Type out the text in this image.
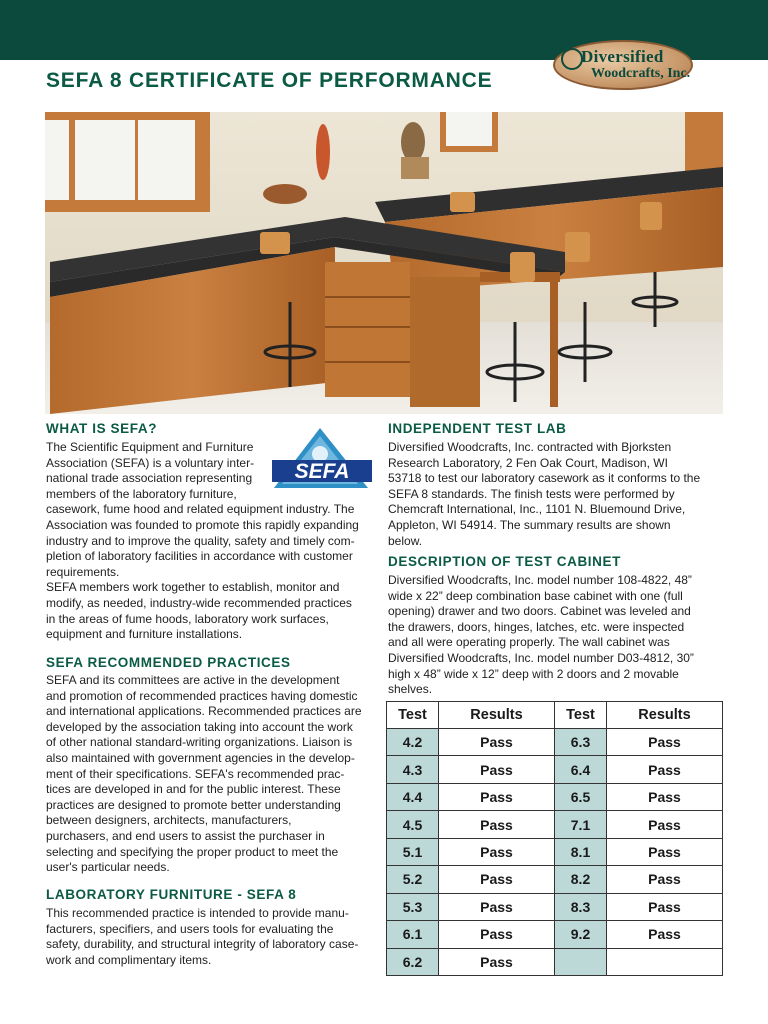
Diversified
Woodcrafts, Inc.
SEFA 8 CERTIFICATE OF PERFORMANCE
WHAT IS SEFA?
SEFA
The Scientific Equipment and Furniture
Association (SEFA) is a voluntary inter-
national trade association representing
members of the laboratory furniture,
casework, fume hood and related equipment industry. The
Association was founded to promote this rapidly expanding
industry and to improve the quality, safety and timely com-
pletion of laboratory facilities in accordance with customer
requirements.
SEFA members work together to establish, monitor and
modify, as needed, industry-wide recommended practices
in the areas of fume hoods, laboratory work surfaces,
equipment and furniture installations.
SEFA RECOMMENDED PRACTICES
SEFA and its committees are active in the development
and promotion of recommended practices having domestic
and international applications. Recommended practices are
developed by the association taking into account the work
of other national standard-writing organizations. Liaison is
also maintained with government agencies in the develop-
ment of their specifications. SEFA's recommended prac-
tices are developed in and for the public interest. These
practices are designed to promote better understanding
between designers, architects, manufacturers,
purchasers, and end users to assist the purchaser in
selecting and specifying the proper product to meet the
user's particular needs.
LABORATORY FURNITURE - SEFA 8
This recommended practice is intended to provide manu-
facturers, specifiers, and users tools for evaluating the
safety, durability, and structural integrity of laboratory case-
work and complimentary items.
INDEPENDENT TEST LAB
Diversified Woodcrafts, Inc. contracted with Bjorksten
Research Laboratory, 2 Fen Oak Court, Madison, WI
53718 to test our laboratory casework as it conforms to the
SEFA 8 standards. The finish tests were performed by
Chemcraft International, Inc., 1101 N. Bluemound Drive,
Appleton, WI 54914. The summary results are shown
below.
DESCRIPTION OF TEST CABINET
Diversified Woodcrafts, Inc. model number 108-4822, 48”
wide x 22” deep combination base cabinet with one (full
opening) drawer and two doors. Cabinet was leveled and
the drawers, doors, hinges, latches, etc. were inspected
and all were operating properly. The wall cabinet was
Diversified Woodcrafts, Inc. model number D03-4812, 30”
high x 48” wide x 12” deep with 2 doors and 2 movable
shelves.
Test	Results	Test	Results
4.2	Pass	6.3	Pass
4.3	Pass	6.4	Pass
4.4	Pass	6.5	Pass
4.5	Pass	7.1	Pass
5.1	Pass	8.1	Pass
5.2	Pass	8.2	Pass
5.3	Pass	8.3	Pass
6.1	Pass	9.2	Pass
6.2	Pass		
